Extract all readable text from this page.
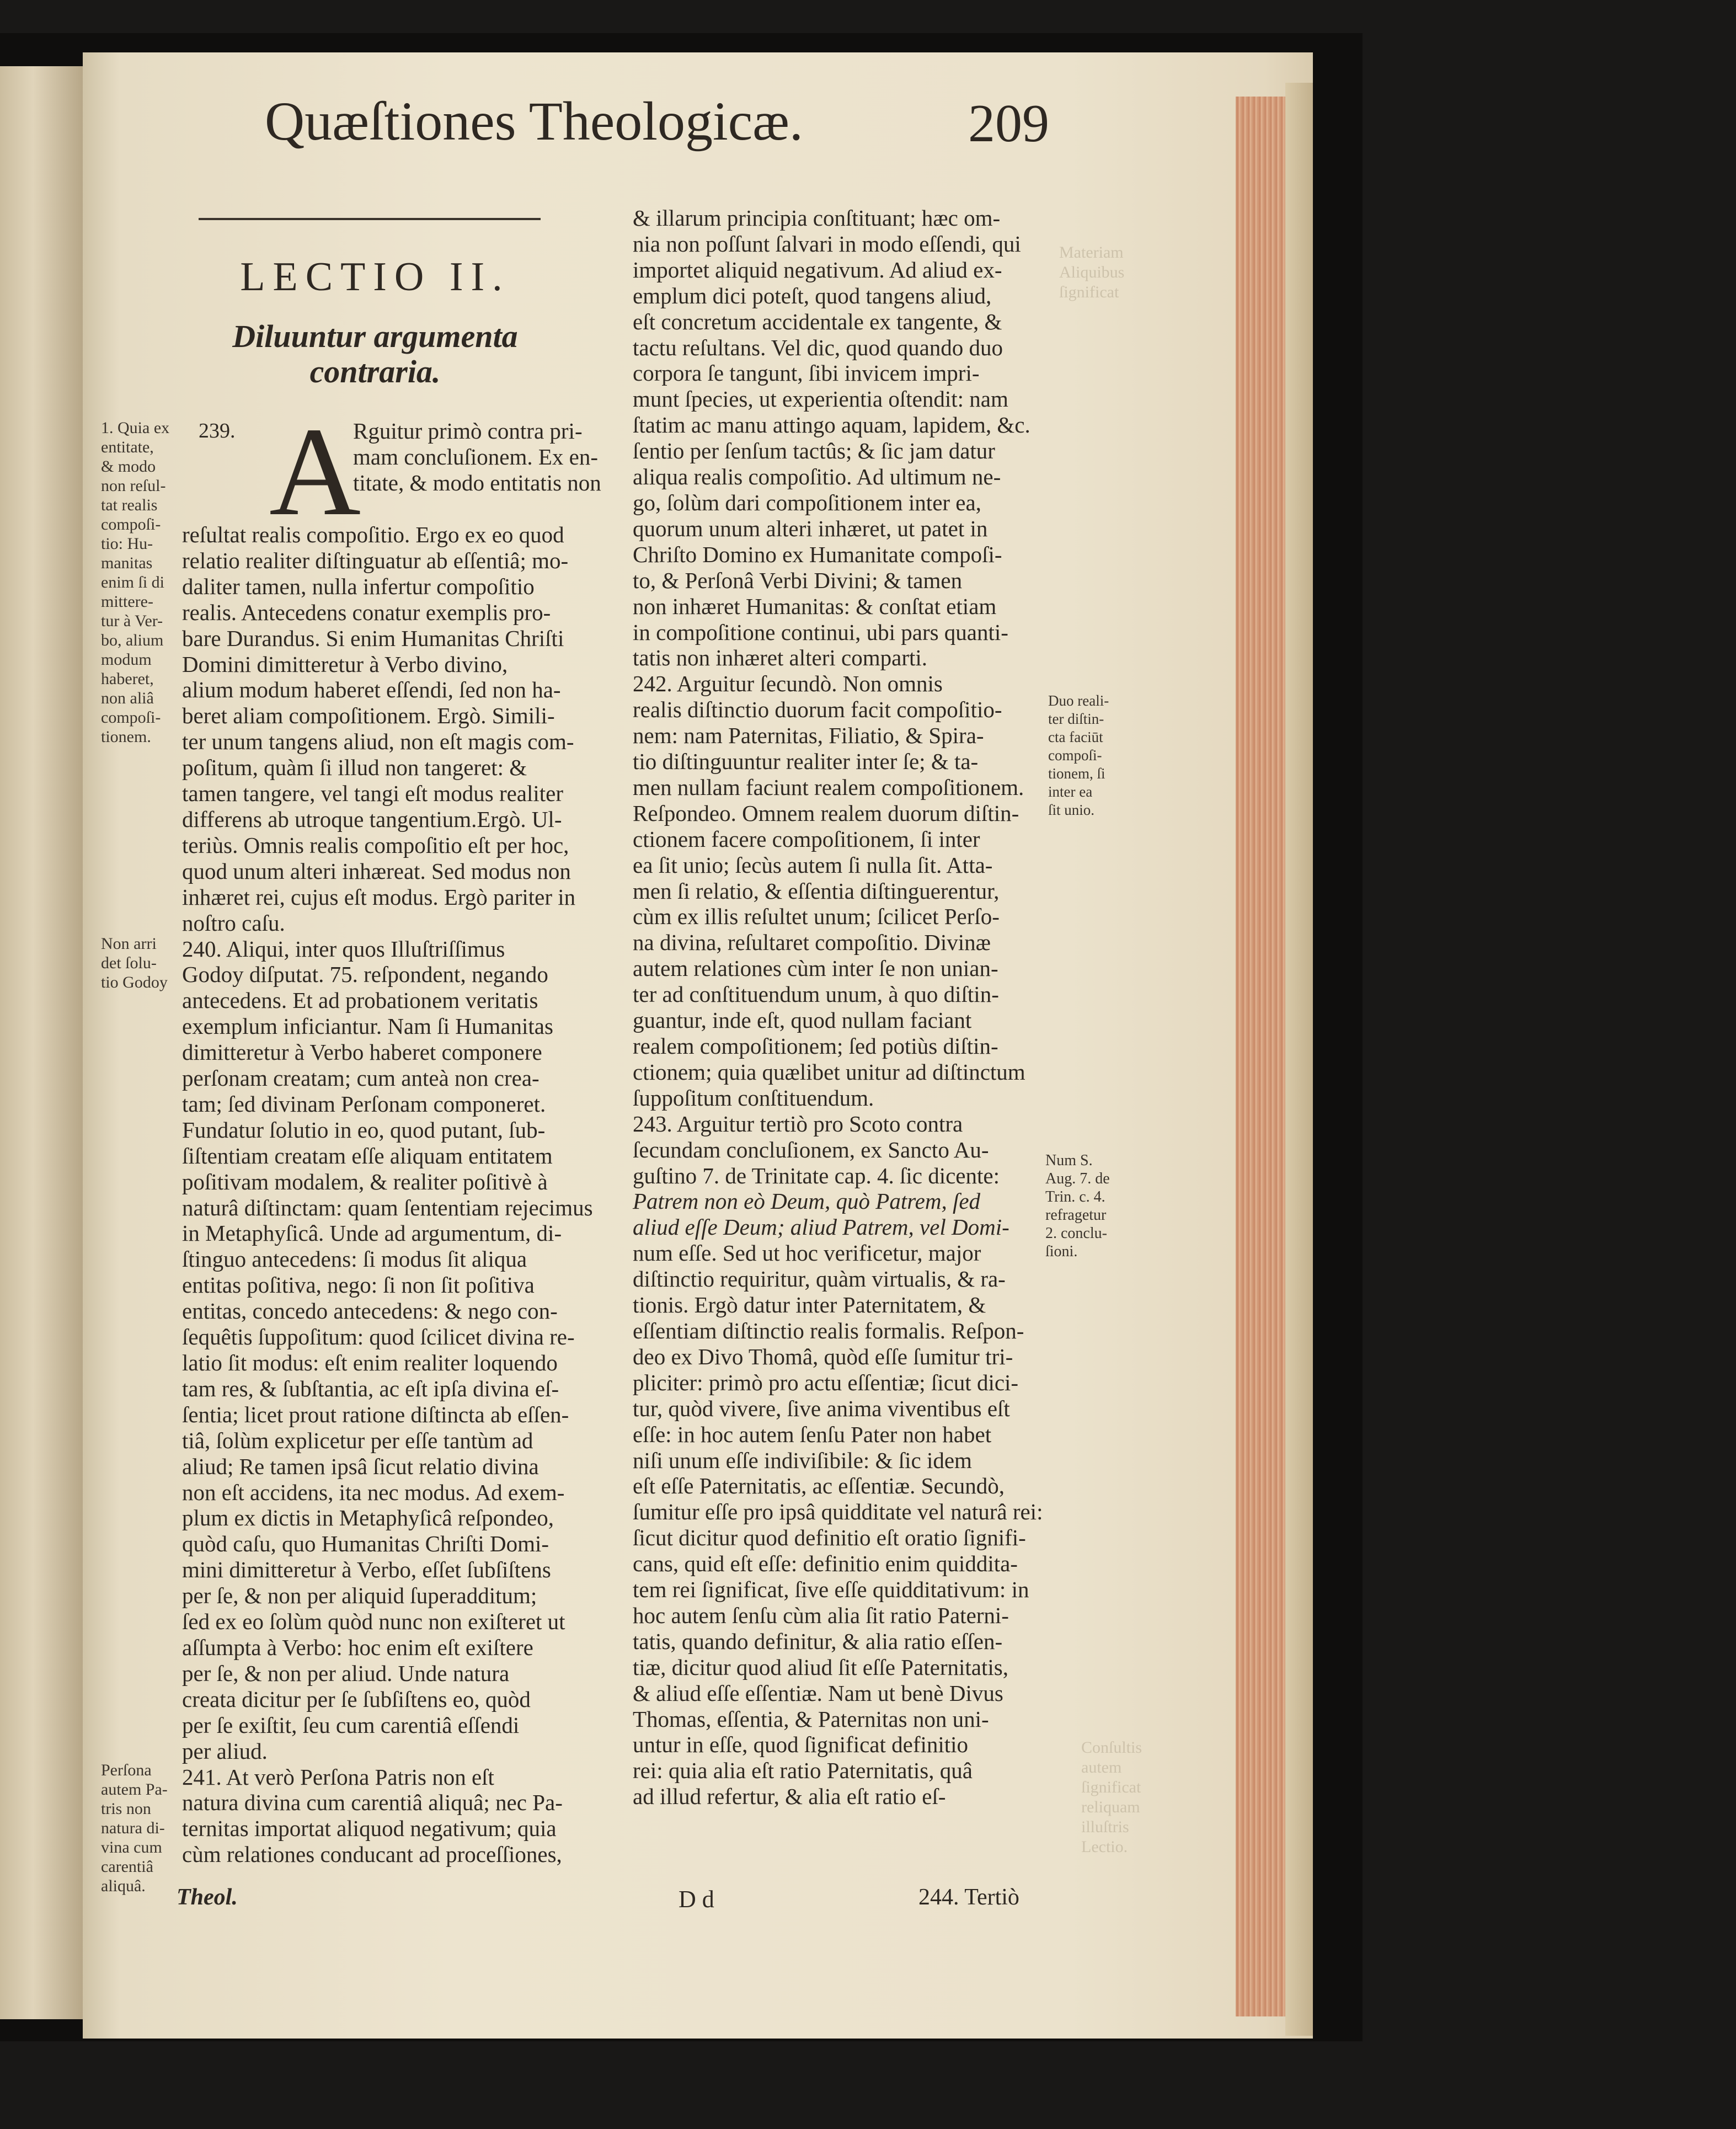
Materiam
Aliquibus
ſignificat
Conſultis
autem
ſignificat
reliquam
illuſtris
Lectio.
Quæſtiones Theologicæ.	209
LECTIO II.
Diluuntur argumenta
contraria.
A
239.	Rguitur primò contra pri-
mam concluſionem. Ex en-
titate, & modo entitatis non
reſultat realis compoſitio. Ergo ex eo quod
relatio realiter diſtinguatur ab eſſentiâ; mo-
daliter tamen, nulla infertur compoſitio
realis. Antecedens conatur exemplis pro-
bare Durandus. Si enim Humanitas Chriſti
Domini dimitteretur à Verbo divino,
alium modum haberet eſſendi, ſed non ha-
beret aliam compoſitionem. Ergò. Simili-
ter unum tangens aliud, non eſt magis com-
poſitum, quàm ſi illud non tangeret: &
tamen tangere, vel tangi eſt modus realiter
differens ab utroque tangentium.Ergò. Ul-
teriùs. Omnis realis compoſitio eſt per hoc,
quod unum alteri inhæreat. Sed modus non
inhæret rei, cujus eſt modus. Ergò pariter in
noſtro caſu.
240. Aliqui, inter quos Illuſtriſſimus
Godoy diſputat. 75. reſpondent, negando
antecedens. Et ad probationem veritatis
exemplum inficiantur. Nam ſi Humanitas
dimitteretur à Verbo haberet componere
perſonam creatam; cum anteà non crea-
tam; ſed divinam Perſonam componeret.
Fundatur ſolutio in eo, quod putant, ſub-
ſiſtentiam creatam eſſe aliquam entitatem
poſitivam modalem, & realiter poſitivè à
naturâ diſtinctam: quam ſententiam rejecimus
in Metaphyſicâ. Unde ad argumentum, di-
ſtinguo antecedens: ſi modus ſit aliqua
entitas poſitiva, nego: ſi non ſit poſitiva
entitas, concedo antecedens: & nego con-
ſequêtis ſuppoſitum: quod ſcilicet divina re-
latio ſit modus: eſt enim realiter loquendo
tam res, & ſubſtantia, ac eſt ipſa divina eſ-
ſentia; licet prout ratione diſtincta ab eſſen-
tiâ, ſolùm explicetur per eſſe tantùm ad
aliud; Re tamen ipsâ ſicut relatio divina
non eſt accidens, ita nec modus. Ad exem-
plum ex dictis in Metaphyſicâ reſpondeo,
quòd caſu, quo Humanitas Chriſti Domi-
mini dimitteretur à Verbo, eſſet ſubſiſtens
per ſe, & non per aliquid ſuperadditum;
ſed ex eo ſolùm quòd nunc non exiſteret ut
aſſumpta à Verbo: hoc enim eſt exiſtere
per ſe, & non per aliud. Unde natura
creata dicitur per ſe ſubſiſtens eo, quòd
per ſe exiſtit, ſeu cum carentiâ eſſendi
per aliud.
241. At verò Perſona Patris non eſt
natura divina cum carentiâ aliquâ; nec Pa-
ternitas importat aliquod negativum; quia
cùm relationes conducant ad proceſſiones,
& illarum principia conſtituant; hæc om-
nia non poſſunt ſalvari in modo eſſendi, qui
importet aliquid negativum. Ad aliud ex-
emplum dici poteſt, quod tangens aliud,
eſt concretum accidentale ex tangente, &
tactu reſultans. Vel dic, quod quando duo
corpora ſe tangunt, ſibi invicem impri-
munt ſpecies, ut experientia oſtendit: nam
ſtatim ac manu attingo aquam, lapidem, &c.
ſentio per ſenſum tactûs; & ſic jam datur
aliqua realis compoſitio. Ad ultimum ne-
go, ſolùm dari compoſitionem inter ea,
quorum unum alteri inhæret, ut patet in
Chriſto Domino ex Humanitate compoſi-
to, & Perſonâ Verbi Divini; & tamen
non inhæret Humanitas: & conſtat etiam
in compoſitione continui, ubi pars quanti-
tatis non inhæret alteri comparti.
242. Arguitur ſecundò. Non omnis
realis diſtinctio duorum facit compoſitio-
nem: nam Paternitas, Filiatio, & Spira-
tio diſtinguuntur realiter inter ſe; & ta-
men nullam faciunt realem compoſitionem.
Reſpondeo. Omnem realem duorum diſtin-
ctionem facere compoſitionem, ſi inter
ea ſit unio; ſecùs autem ſi nulla ſit. Atta-
men ſi relatio, & eſſentia diſtinguerentur,
cùm ex illis reſultet unum; ſcilicet Perſo-
na divina, reſultaret compoſitio. Divinæ
autem relationes cùm inter ſe non unian-
ter ad conſtituendum unum, à quo diſtin-
guantur, inde eſt, quod nullam faciant
realem compoſitionem; ſed potiùs diſtin-
ctionem; quia quælibet unitur ad diſtinctum
ſuppoſitum conſtituendum.
243. Arguitur tertiò pro Scoto contra
ſecundam concluſionem, ex Sancto Au-
guſtino 7. de Trinitate cap. 4. ſic dicente:
Patrem non eò Deum, quò Patrem, ſed
aliud eſſe Deum; aliud Patrem, vel Domi-
num eſſe. Sed ut hoc verificetur, major
diſtinctio requiritur, quàm virtualis, & ra-
tionis. Ergò datur inter Paternitatem, &
eſſentiam diſtinctio realis formalis. Reſpon-
deo ex Divo Thomâ, quòd eſſe ſumitur tri-
pliciter: primò pro actu eſſentiæ; ſicut dici-
tur, quòd vivere, ſive anima viventibus eſt
eſſe: in hoc autem ſenſu Pater non habet
niſi unum eſſe indiviſibile: & ſic idem
eſt eſſe Paternitatis, ac eſſentiæ. Secundò,
ſumitur eſſe pro ipsâ quidditate vel naturâ rei:
ſicut dicitur quod definitio eſt oratio ſignifi-
cans, quid eſt eſſe: definitio enim quiddita-
tem rei ſignificat, ſive eſſe quidditativum: in
hoc autem ſenſu cùm alia ſit ratio Paterni-
tatis, quando definitur, & alia ratio eſſen-
tiæ, dicitur quod aliud ſit eſſe Paternitatis,
& aliud eſſe eſſentiæ. Nam ut benè Divus
Thomas, eſſentia, & Paternitas non uni-
untur in eſſe, quod ſignificat definitio
rei: quia alia eſt ratio Paternitatis, quâ
ad illud refertur, & alia eſt ratio eſ-
1. Quia ex
entitate,
& modo
non reſul-
tat realis
compoſi-
tio: Hu-
manitas
enim ſi di
mittere-
tur à Ver-
bo, alium
modum
haberet,
non aliâ
compoſi-
tionem.
Non arri
det ſolu-
tio Godoy
Perſona
autem Pa-
tris non
natura di-
vina cum
carentiâ
aliquâ.
Duo reali-
ter diſtin-
cta faciūt
compoſi-
tionem, ſi
inter ea
ſit unio.
Num S.
Aug. 7. de
Trin. c. 4.
refragetur
2. conclu-
ſioni.
Theol.	D d	244. Tertiò
